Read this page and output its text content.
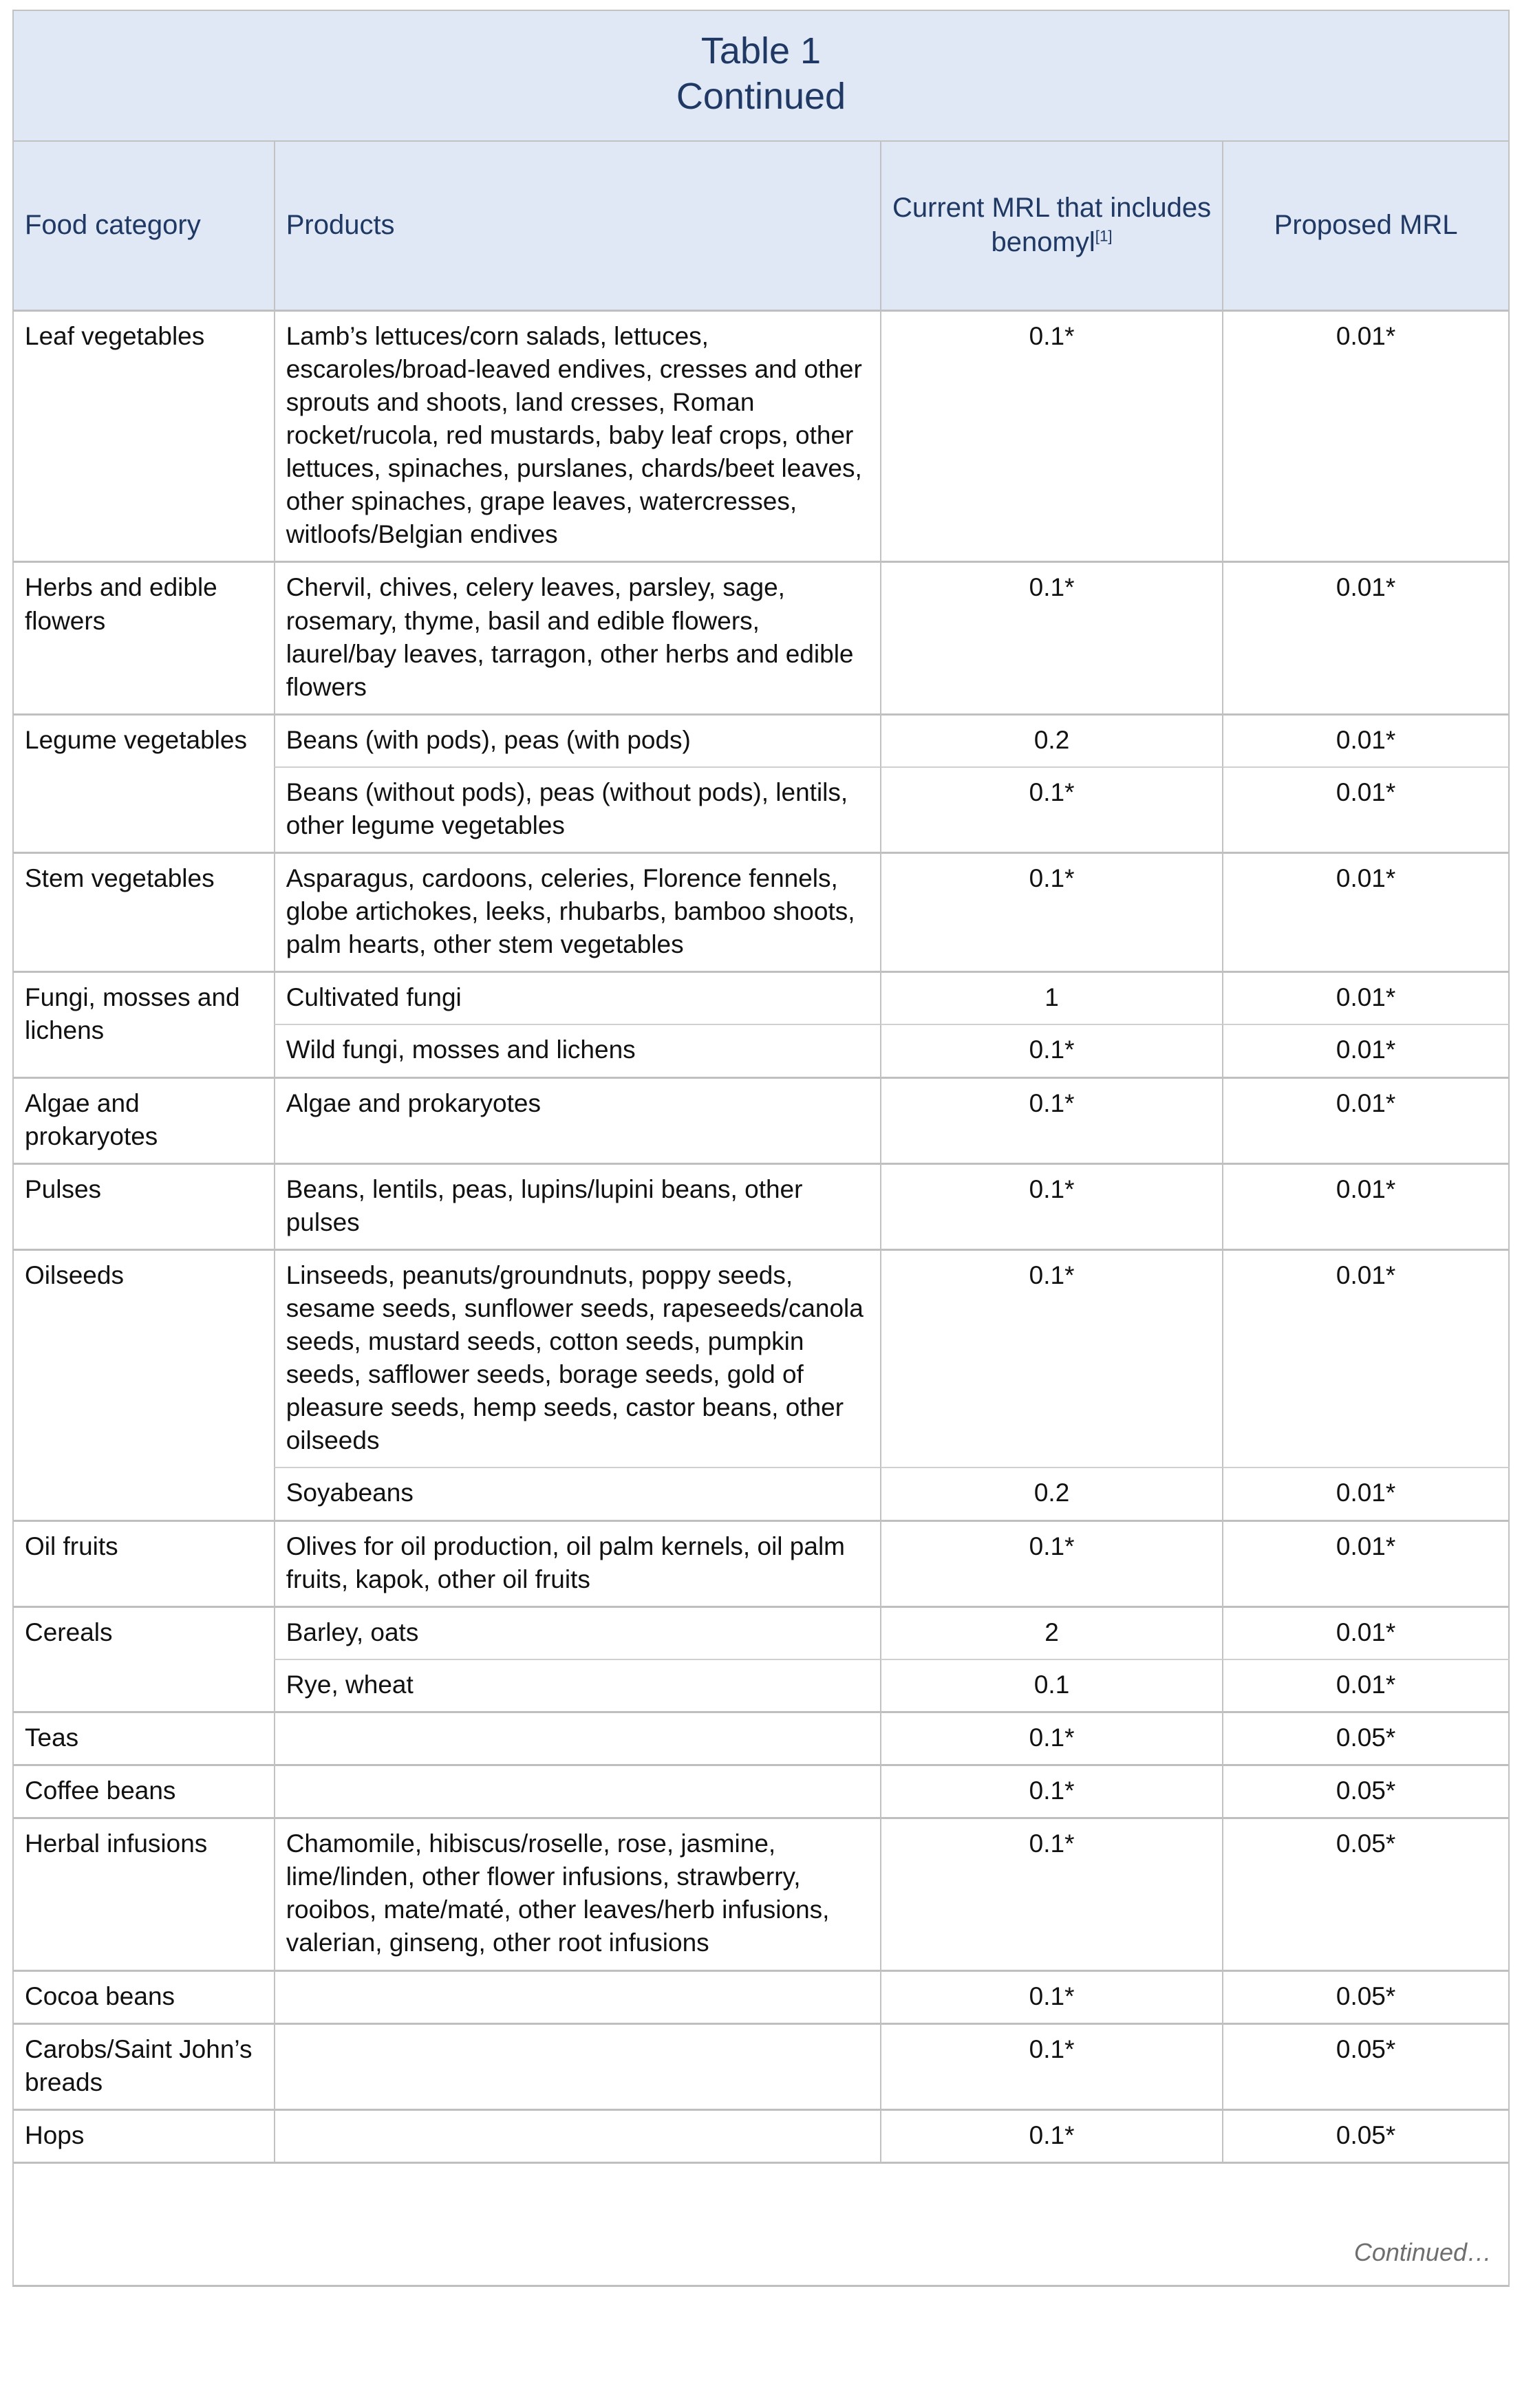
Table 1
Continued			

Food category	Products	Current MRL that includes benomyl[1]	Proposed MRL
Leaf vegetables	Lamb’s lettuces/corn salads, lettuces, escaroles/broad-leaved endives, cresses and other sprouts and shoots, land cresses, Roman rocket/rucola, red mustards, baby leaf crops, other lettuces, spinaches, purslanes, chards/beet leaves, other spinaches, grape leaves, watercresses, witloofs/Belgian endives	0.1*	0.01*
Herbs and edible flowers	Chervil, chives, celery leaves, parsley, sage, rosemary, thyme, basil and edible flowers, laurel/bay leaves, tarragon, other herbs and edible flowers	0.1*	0.01*
Legume vegetables	Beans (with pods), peas (with pods)	0.2	0.01*
	Beans (without pods), peas (without pods), lentils, other legume vegetables	0.1*	0.01*
Stem vegetables	Asparagus, cardoons, celeries, Florence fennels, globe artichokes, leeks, rhubarbs, bamboo shoots, palm hearts, other stem vegetables	0.1*	0.01*
Fungi, mosses and lichens	Cultivated fungi	1	0.01*
	Wild fungi, mosses and lichens	0.1*	0.01*
Algae and prokaryotes	Algae and prokaryotes	0.1*	0.01*
Pulses	Beans, lentils, peas, lupins/lupini beans, other pulses	0.1*	0.01*
Oilseeds	Linseeds, peanuts/groundnuts, poppy seeds, sesame seeds, sunflower seeds, rapeseeds/canola seeds, mustard seeds, cotton seeds, pumpkin seeds, safflower seeds, borage seeds, gold of pleasure seeds, hemp seeds, castor beans, other oilseeds	0.1*	0.01*
	Soyabeans	0.2	0.01*
Oil fruits	Olives for oil production, oil palm kernels, oil palm fruits, kapok, other oil fruits	0.1*	0.01*
Cereals	Barley, oats	2	0.01*
	Rye, wheat	0.1	0.01*
Teas		0.1*	0.05*
Coffee beans		0.1*	0.05*
Herbal infusions	Chamomile, hibiscus/roselle, rose, jasmine, lime/linden, other flower infusions, strawberry, rooibos, mate/maté, other leaves/herb infusions, valerian, ginseng, other root infusions	0.1*	0.05*
Cocoa beans		0.1*	0.05*
Carobs/Saint John’s breads		0.1*	0.05*
Hops		0.1*	0.05*

Continued…			
